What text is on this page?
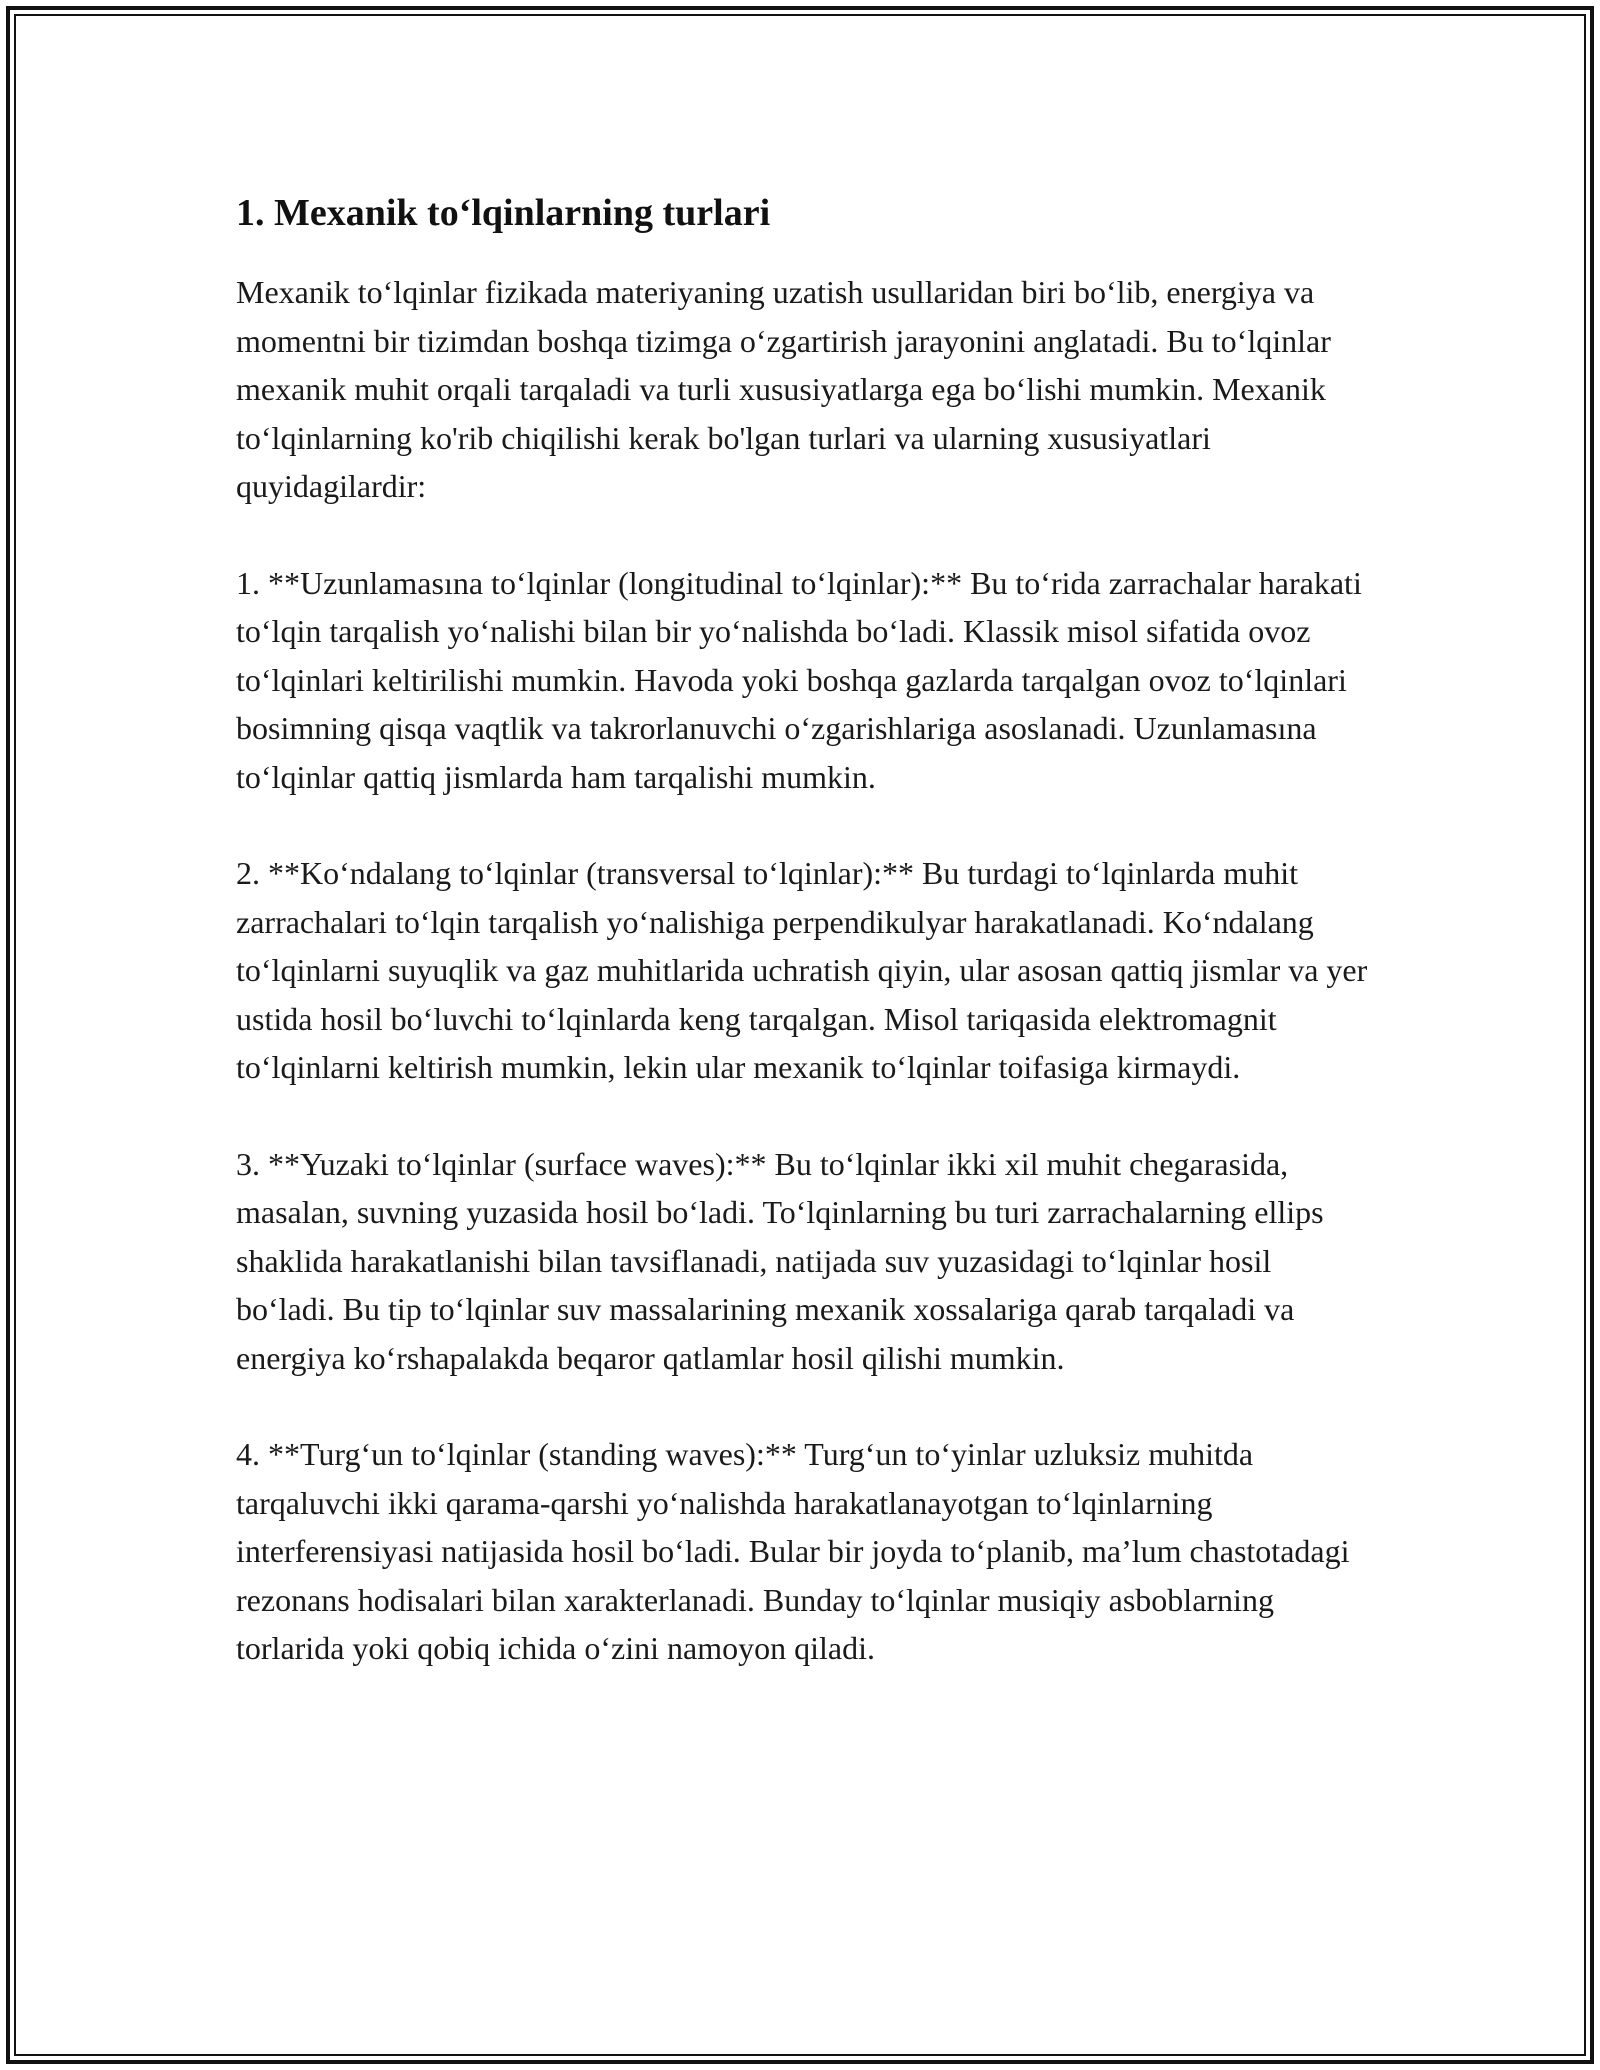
1. Mexanik to‘lqinlarning turlari

Mexanik to‘lqinlar fizikada materiyaning uzatish usullaridan biri bo‘lib, energiya va momentni bir tizimdan boshqa tizimga o‘zgartirish jarayonini anglatadi. Bu to‘lqinlar mexanik muhit orqali tarqaladi va turli xususiyatlarga ega bo‘lishi mumkin. Mexanik to‘lqinlarning ko'rib chiqilishi kerak bo'lgan turlari va ularning xususiyatlari quyidagilardir:

1. **Uzunlamasına to‘lqinlar (longitudinal to‘lqinlar):** Bu to‘rida zarrachalar harakati to‘lqin tarqalish yo‘nalishi bilan bir yo‘nalishda bo‘ladi. Klassik misol sifatida ovoz to‘lqinlari keltirilishi mumkin. Havoda yoki boshqa gazlarda tarqalgan ovoz to‘lqinlari bosimning qisqa vaqtlik va takrorlanuvchi o‘zgarishlariga asoslanadi. Uzunlamasına to‘lqinlar qattiq jismlarda ham tarqalishi mumkin.

2. **Ko‘ndalang to‘lqinlar (transversal to‘lqinlar):** Bu turdagi to‘lqinlarda muhit zarrachalari to‘lqin tarqalish yo‘nalishiga perpendikulyar harakatlanadi. Ko‘ndalang to‘lqinlarni suyuqlik va gaz muhitlarida uchratish qiyin, ular asosan qattiq jismlar va yer ustida hosil bo‘luvchi to‘lqinlarda keng tarqalgan. Misol tariqasida elektromagnit to‘lqinlarni keltirish mumkin, lekin ular mexanik to‘lqinlar toifasiga kirmaydi.

3. **Yuzaki to‘lqinlar (surface waves):** Bu to‘lqinlar ikki xil muhit chegarasida, masalan, suvning yuzasida hosil bo‘ladi. To‘lqinlarning bu turi zarrachalarning ellips shaklida harakatlanishi bilan tavsiflanadi, natijada suv yuzasidagi to‘lqinlar hosil bo‘ladi. Bu tip to‘lqinlar suv massalarining mexanik xossalariga qarab tarqaladi va energiya ko‘rshapalakda beqaror qatlamlar hosil qilishi mumkin.

4. **Turg‘un to‘lqinlar (standing waves):** Turg‘un to‘yinlar uzluksiz muhitda tarqaluvchi ikki qarama-qarshi yo‘nalishda harakatlanayotgan to‘lqinlarning interferensiyasi natijasida hosil bo‘ladi. Bular bir joyda to‘planib, ma’lum chastotadagi rezonans hodisalari bilan xarakterlanadi. Bunday to‘lqinlar musiqiy asboblarning torlarida yoki qobiq ichida o‘zini namoyon qiladi.
